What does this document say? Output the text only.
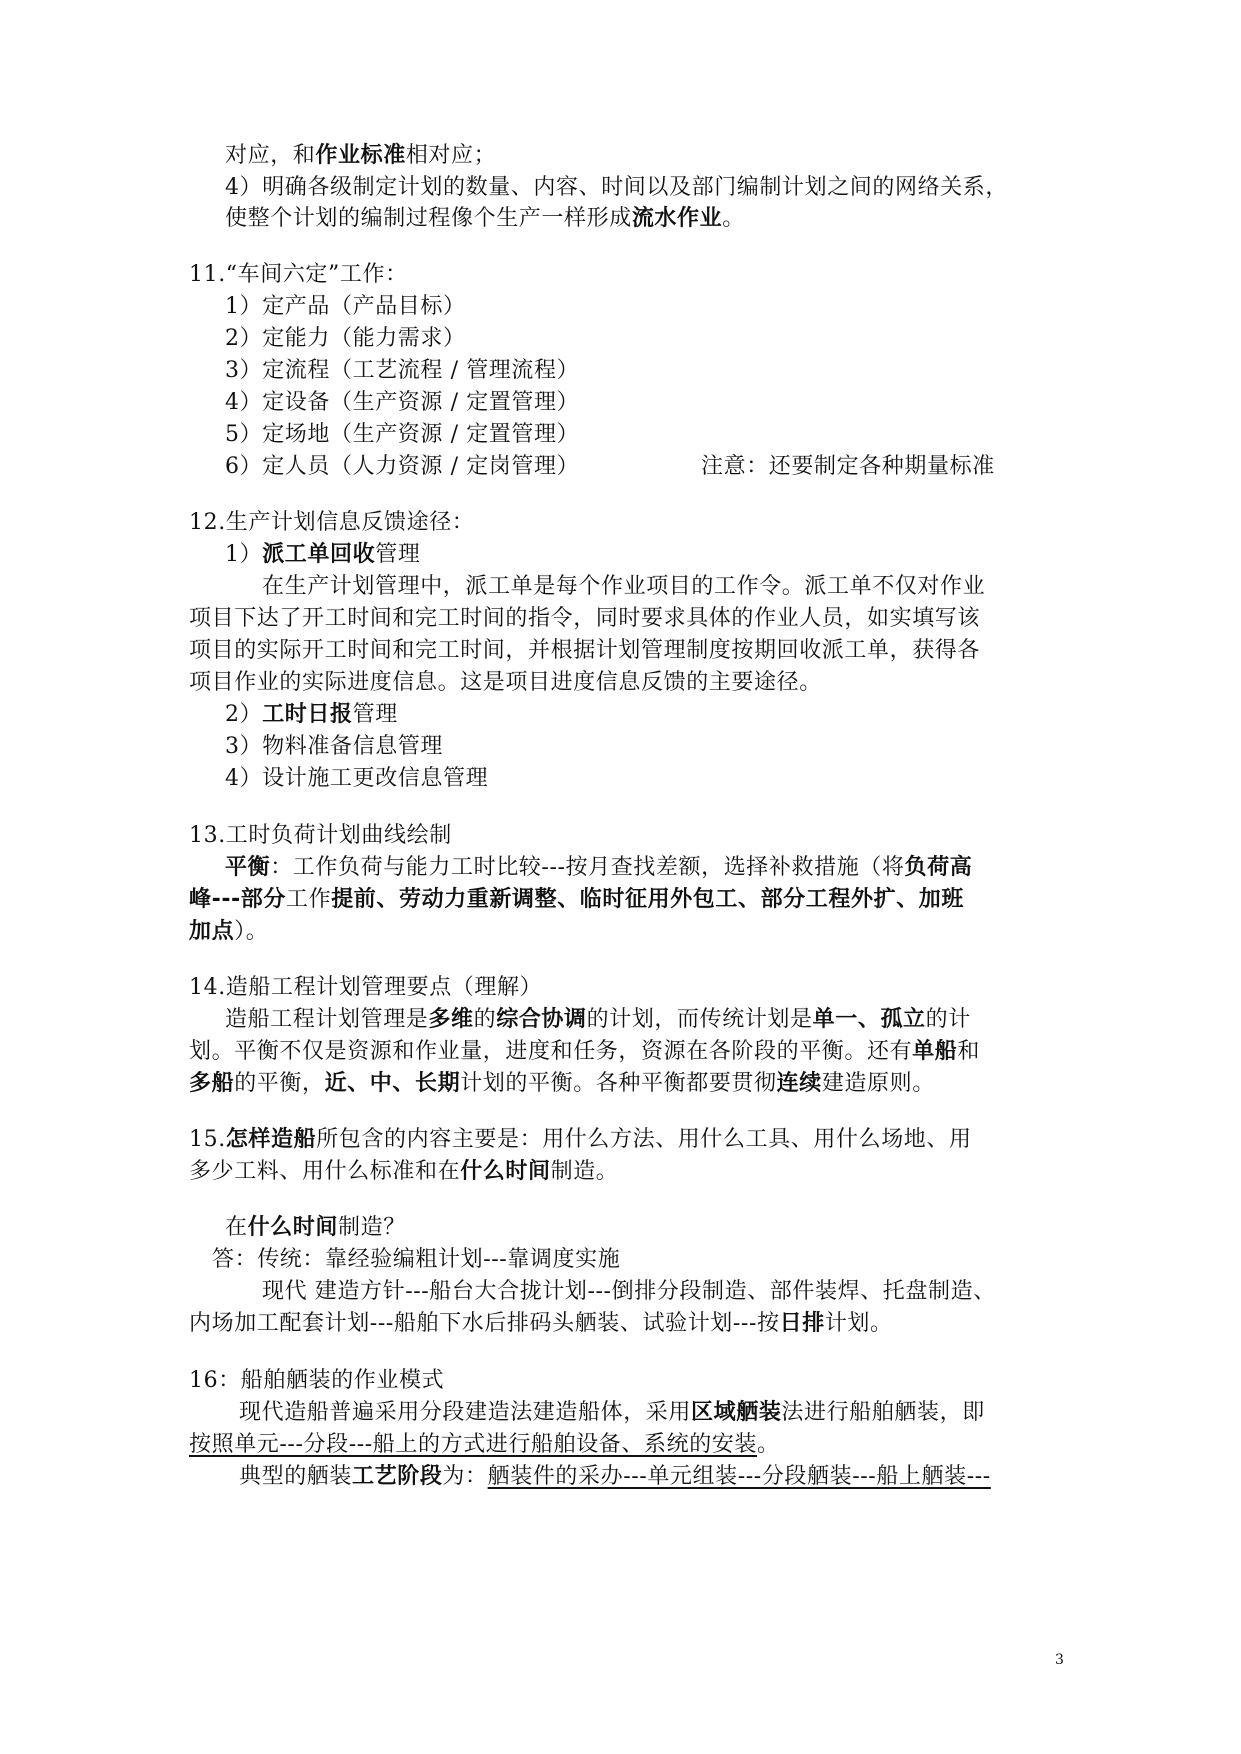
对应，和作业标准相对应；
4）明确各级制定计划的数量、内容、时间以及部门编制计划之间的网络关系，
使整个计划的编制过程像个生产一样形成流水作业。
11.“车间六定”工作：
1）定产品（产品目标）
2）定能力（能力需求）
3）定流程（工艺流程 / 管理流程）
4）定设备（生产资源 / 定置管理）
5）定场地（生产资源 / 定置管理）
6）定人员（人力资源 / 定岗管理）	注意：还要制定各种期量标准
12.生产计划信息反馈途径：
1）派工单回收管理
在生产计划管理中，派工单是每个作业项目的工作令。派工单不仅对作业
项目下达了开工时间和完工时间的指令，同时要求具体的作业人员，如实填写该
项目的实际开工时间和完工时间，并根据计划管理制度按期回收派工单，获得各
项目作业的实际进度信息。这是项目进度信息反馈的主要途径。
2）工时日报管理
3）物料准备信息管理
4）设计施工更改信息管理
13.工时负荷计划曲线绘制
平衡：工作负荷与能力工时比较---按月查找差额，选择补救措施（将负荷高
峰---部分工作提前、劳动力重新调整、临时征用外包工、部分工程外扩、加班
加点）。
14.造船工程计划管理要点（理解）
造船工程计划管理是多维的综合协调的计划，而传统计划是单一、孤立的计
划。平衡不仅是资源和作业量，进度和任务，资源在各阶段的平衡。还有单船和
多船的平衡，近、中、长期计划的平衡。各种平衡都要贯彻连续建造原则。
15.怎样造船所包含的内容主要是：用什么方法、用什么工具、用什么场地、用
多少工料、用什么标准和在什么时间制造。
在什么时间制造？
答：传统：靠经验编粗计划---靠调度实施
现代 建造方针---船台大合拢计划---倒排分段制造、部件装焊、托盘制造、
内场加工配套计划---船舶下水后排码头舾装、试验计划---按日排计划。
16：船舶舾装的作业模式
现代造船普遍采用分段建造法建造船体，采用区域舾装法进行船舶舾装，即
按照单元---分段---船上的方式进行船舶设备、系统的安装。
典型的舾装工艺阶段为：舾装件的采办---单元组装---分段舾装---船上舾装---
3
